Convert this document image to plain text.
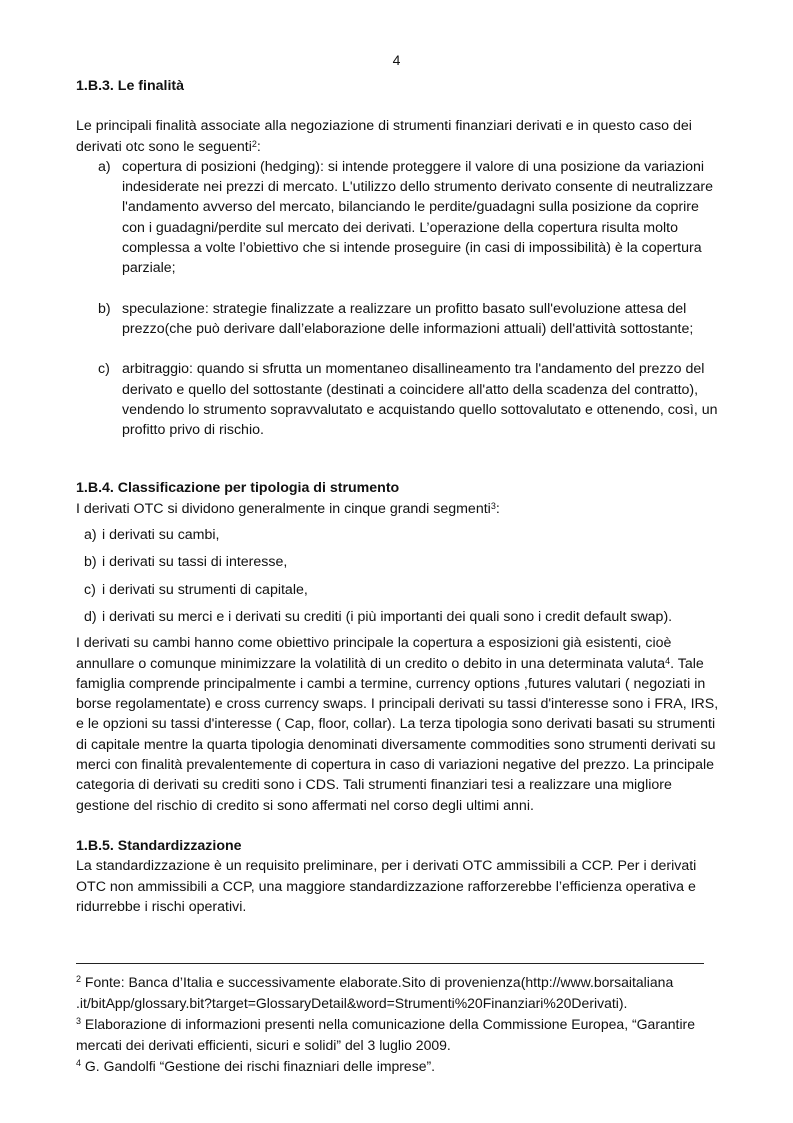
4
1.B.3. Le finalità

Le principali finalità associate alla negoziazione di strumenti finanziari derivati e in questo caso dei derivati otc sono le seguenti$^2$:

a) copertura di posizioni (hedging): si intende proteggere il valore di una posizione da variazioni indesiderate nei prezzi di mercato. L'utilizzo dello strumento derivato consente di neutralizzare l'andamento avverso del mercato, bilanciando le perdite/guadagni sulla posizione da coprire con i guadagni/perdite sul mercato dei derivati. L’operazione della copertura risulta molto complessa a volte l’obiettivo che si intende proseguire (in casi di impossibilità) è la copertura parziale;
b) speculazione: strategie finalizzate a realizzare un profitto basato sull'evoluzione attesa del prezzo(che può derivare dall’elaborazione delle informazioni attuali) dell'attività sottostante;
c) arbitraggio: quando si sfrutta un momentaneo disallineamento tra l'andamento del prezzo del derivato e quello del sottostante (destinati a coincidere all'atto della scadenza del contratto), vendendo lo strumento sopravvalutato e acquistando quello sottovalutato e ottenendo, così, un profitto privo di rischio.
1.B.4. Classificazione per tipologia di strumento

I derivati OTC si dividono generalmente in cinque grandi segmenti$^3$:

a) i derivati su cambi,
b) i derivati su tassi di interesse,
c) i derivati su strumenti di capitale,
d) i derivati su merci e i derivati su crediti (i più importanti dei quali sono i credit default swap).

I derivati su cambi hanno come obiettivo principale la copertura a esposizioni già esistenti, cioè annullare o comunque minimizzare la volatilità di un credito o debito in una determinata valuta$^4$. Tale famiglia comprende principalmente i cambi a termine, currency options ,futures valutari ( negoziati in borse regolamentate) e cross currency swaps. I principali derivati su tassi d'interesse sono i FRA, IRS, e le opzioni su tassi d'interesse ( Cap, floor, collar). La terza tipologia sono derivati basati su strumenti di capitale mentre la quarta tipologia denominati diversamente commodities sono strumenti derivati su merci con finalità prevalentemente di copertura in caso di variazioni negative del prezzo. La principale categoria di derivati su crediti sono i CDS. Tali strumenti finanziari tesi a realizzare una migliore gestione del rischio di credito si sono affermati nel corso degli ultimi anni.

1.B.5. Standardizzazione

La standardizzazione è un requisito preliminare, per i derivati OTC ammissibili a CCP. Per i derivati OTC non ammissibili a CCP, una maggiore standardizzazione rafforzerebbe l’efficienza operativa e ridurrebbe i rischi operativi.

$^2$ Fonte: Banca d’Italia e successivamente elaborate.Sito di provenienza(http://www.borsaitaliana .it/bitApp/glossary.bit?target=GlossaryDetail&word=Strumenti%20Finanziari%20Derivati).

$^3$ Elaborazione di informazioni presenti nella comunicazione della Commissione Europea, “Garantire mercati dei derivati efficienti, sicuri e solidi” del 3 luglio 2009.

$^4$ G. Gandolfi “Gestione dei rischi finazniari delle imprese”.
